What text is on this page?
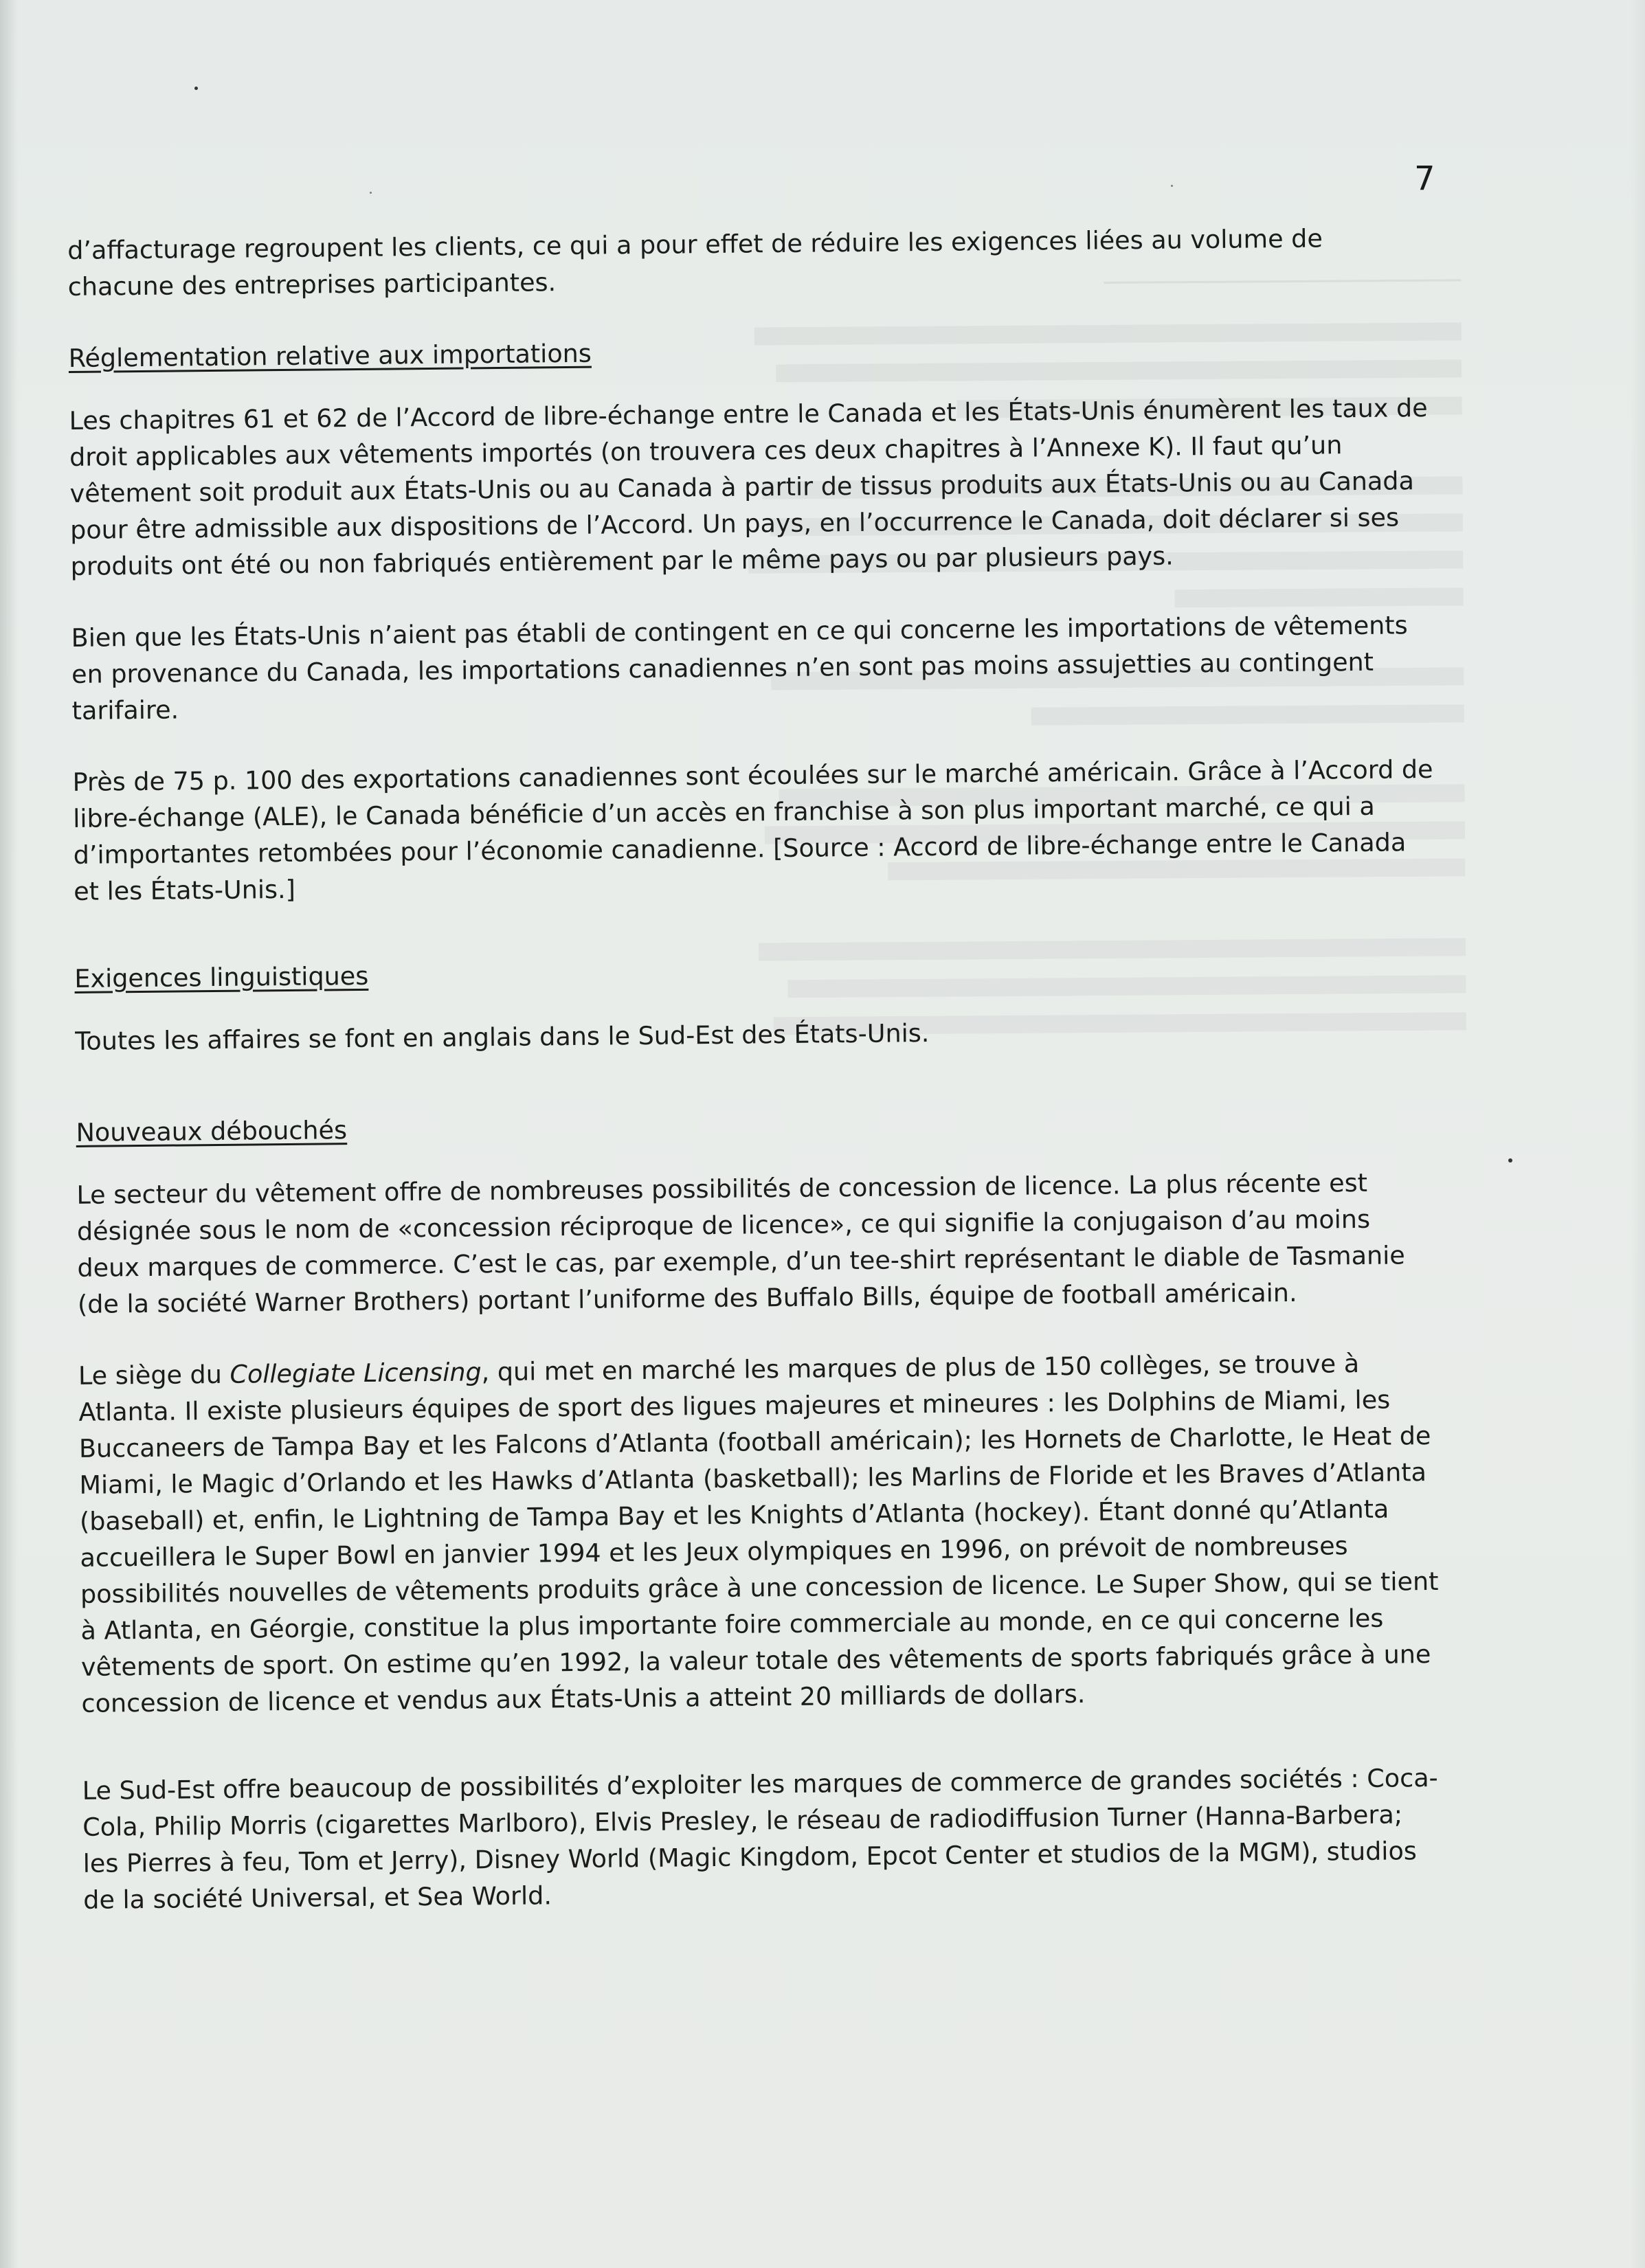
7

d’affacturage regroupent les clients, ce qui a pour effet de réduire les exigences liées au volume de chacune des entreprises participantes.

Réglementation relative aux importations

Les chapitres 61 et 62 de l’Accord de libre-échange entre le Canada et les États-Unis énumèrent les taux de droit applicables aux vêtements importés (on trouvera ces deux chapitres à l’Annexe K). Il faut qu’un vêtement soit produit aux États-Unis ou au Canada à partir de tissus produits aux États-Unis ou au Canada pour être admissible aux dispositions de l’Accord. Un pays, en l’occurrence le Canada, doit déclarer si ses produits ont été ou non fabriqués entièrement par le même pays ou par plusieurs pays.

Bien que les États-Unis n’aient pas établi de contingent en ce qui concerne les importations de vêtements en provenance du Canada, les importations canadiennes n’en sont pas moins assujetties au contingent tarifaire.

Près de 75 p. 100 des exportations canadiennes sont écoulées sur le marché américain. Grâce à l’Accord de libre-échange (ALE), le Canada bénéficie d’un accès en franchise à son plus important marché, ce qui a d’importantes retombées pour l’économie canadienne. [Source : Accord de libre-échange entre le Canada et les États-Unis.]

Exigences linguistiques

Toutes les affaires se font en anglais dans le Sud-Est des États-Unis.

Nouveaux débouchés

Le secteur du vêtement offre de nombreuses possibilités de concession de licence. La plus récente est désignée sous le nom de «concession réciproque de licence», ce qui signifie la conjugaison d’au moins deux marques de commerce. C’est le cas, par exemple, d’un tee-shirt représentant le diable de Tasmanie (de la société Warner Brothers) portant l’uniforme des Buffalo Bills, équipe de football américain.

Le siège du Collegiate Licensing, qui met en marché les marques de plus de 150 collèges, se trouve à Atlanta. Il existe plusieurs équipes de sport des ligues majeures et mineures : les Dolphins de Miami, les Buccaneers de Tampa Bay et les Falcons d’Atlanta (football américain); les Hornets de Charlotte, le Heat de Miami, le Magic d’Orlando et les Hawks d’Atlanta (basketball); les Marlins de Floride et les Braves d’Atlanta (baseball) et, enfin, le Lightning de Tampa Bay et les Knights d’Atlanta (hockey). Étant donné qu’Atlanta accueillera le Super Bowl en janvier 1994 et les Jeux olympiques en 1996, on prévoit de nombreuses possibilités nouvelles de vêtements produits grâce à une concession de licence. Le Super Show, qui se tient à Atlanta, en Géorgie, constitue la plus importante foire commerciale au monde, en ce qui concerne les vêtements de sport. On estime qu’en 1992, la valeur totale des vêtements de sports fabriqués grâce à une concession de licence et vendus aux États-Unis a atteint 20 milliards de dollars.

Le Sud-Est offre beaucoup de possibilités d’exploiter les marques de commerce de grandes sociétés : Coca-Cola, Philip Morris (cigarettes Marlboro), Elvis Presley, le réseau de radiodiffusion Turner (Hanna-Barbera; les Pierres à feu, Tom et Jerry), Disney World (Magic Kingdom, Epcot Center et studios de la MGM), studios de la société Universal, et Sea World.
